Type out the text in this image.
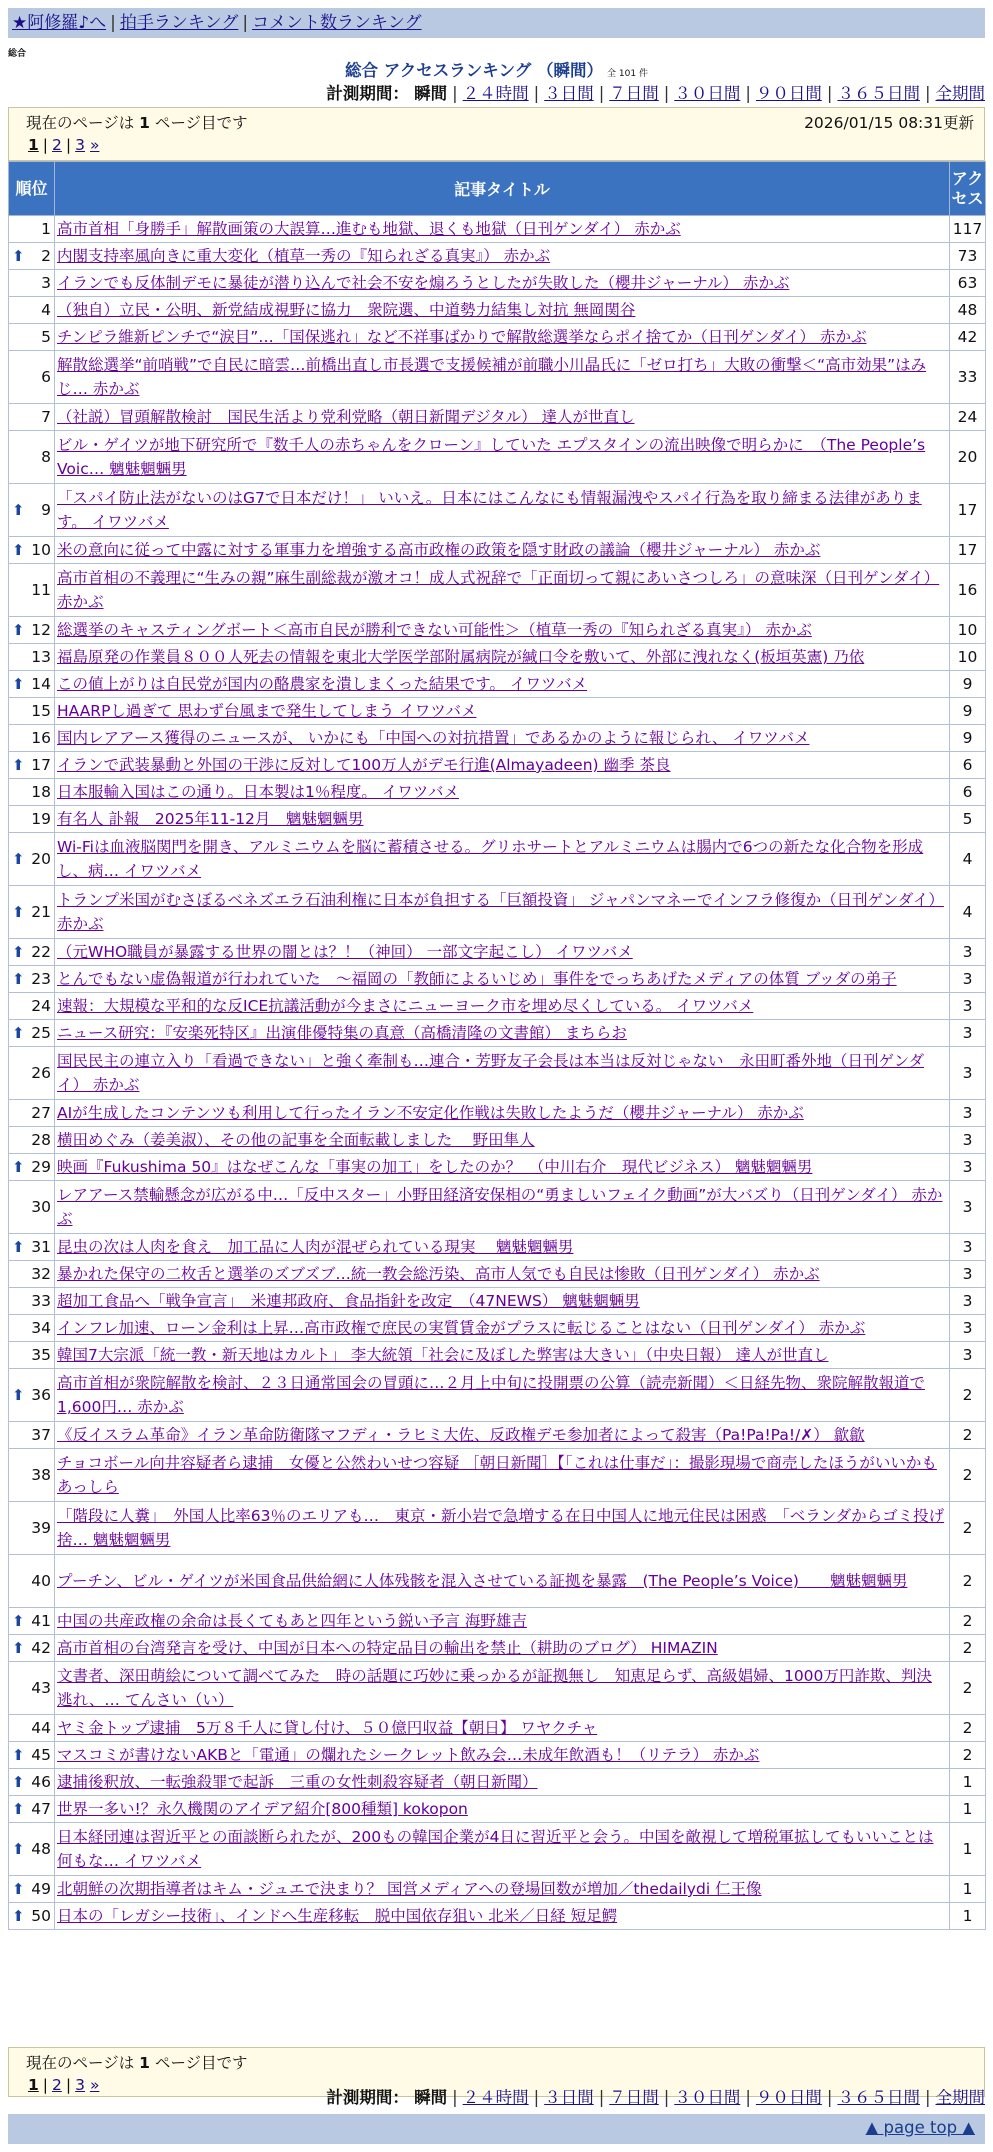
★阿修羅♪へ | 拍手ランキング | コメント数ランキング
総合
総合 アクセスランキング （瞬間） 全 101 件
計測期間： 瞬間 | ２４時間 | ３日間 | ７日間 | ３０日間 | ９０日間 | ３６５日間 | 全期間
現在のページは 1 ページ目です	2026/01/15 08:31更新
1 | 2 | 3 »
順位	記事タイトル	アクセス
1	高市首相「身勝手」解散画策の大誤算…進むも地獄、退くも地獄（日刊ゲンダイ） 赤かぶ	117

⬆ 2	内閣支持率風向きに重大変化（植草一秀の『知られざる真実』） 赤かぶ	73
3	イランでも反体制デモに暴徒が潜り込んで社会不安を煽ろうとしたが失敗した（櫻井ジャーナル） 赤かぶ	63
4	（独自）立民・公明、新党結成視野に協力　衆院選、中道勢力結集し対抗 無岡関谷	48
5	チンピラ維新ピンチで“涙目”…「国保逃れ」など不祥事ばかりで解散総選挙ならポイ捨てか（日刊ゲンダイ） 赤かぶ	42
6	解散総選挙“前哨戦”で自民に暗雲…前橋出直し市長選で支援候補が前職小川晶氏に「ゼロ打ち」大敗の衝撃＜“高市効果”はみじ… 赤かぶ	33
7	（社説）冒頭解散検討　国民生活より党利党略（朝日新聞デジタル） 達人が世直し	24
8	ビル・ゲイツが地下研究所で『数千人の赤ちゃんをクローン』していた エプスタインの流出映像で明らかに　（The People’s Voic… 魑魅魍魎男	20

⬆ 9	「スパイ防止法がないのはG7で日本だけ！」 いいえ。日本にはこんなにも情報漏洩やスパイ行為を取り締まる法律があります。 イワツバメ	17

⬆ 10	米の意向に従って中露に対する軍事力を増強する高市政権の政策を隠す財政の議論（櫻井ジャーナル） 赤かぶ	17
11	高市首相の不義理に“生みの親”麻生副総裁が激オコ！成人式祝辞で「正面切って親にあいさつしろ」の意味深（日刊ゲンダイ） 赤かぶ	16

⬆ 12	総選挙のキャスティングボート＜高市自民が勝利できない可能性＞（植草一秀の『知られざる真実』） 赤かぶ	10
13	福島原発の作業員８００人死去の情報を東北大学医学部附属病院が緘口令を敷いて、外部に洩れなく(板垣英憲) 乃依	10

⬆ 14	この値上がりは自民党が国内の酪農家を潰しまくった結果です。 イワツバメ	9
15	HAARPし過ぎて 思わず台風まで発生してしまう イワツバメ	9
16	国内レアアース獲得のニュースが、 いかにも「中国への対抗措置」であるかのように報じられ、 イワツバメ	9

⬆ 17	イランで武装暴動と外国の干渉に反対して100万人がデモ行進(Almayadeen) 幽季 茶良	6
18	日本服輸入国はこの通り。日本製は1％程度。 イワツバメ	6
19	有名人 訃報　2025年11-12月　魑魅魍魎男	5

⬆ 20	Wi-Fiは血液脳関門を開き、アルミニウムを脳に蓄積させる。グリホサートとアルミニウムは腸内で6つの新たな化合物を形成し、病… イワツバメ	4

⬆ 21	トランプ米国がむさぼるベネズエラ石油利権に日本が負担する「巨額投資」 ジャパンマネーでインフラ修復か（日刊ゲンダイ） 赤かぶ	4

⬆ 22	（元WHO職員が暴露する世界の闇とは？！（神回） 一部文字起こし） イワツバメ	3

⬆ 23	とんでもない虚偽報道が行われていた　～福岡の「教師によるいじめ」事件をでっちあげたメディアの体質 ブッダの弟子	3
24	速報：大規模な平和的な反ICE抗議活動が今まさにニューヨーク市を埋め尽くしている。 イワツバメ	3

⬆ 25	ニュース研究：『安楽死特区』出演俳優特集の真意（高橋清隆の文書館） まちらお	3
26	国民民主の連立入り「看過できない」と強く牽制も…連合・芳野友子会長は本当は反対じゃない　永田町番外地（日刊ゲンダイ） 赤かぶ	3
27	AIが生成したコンテンツも利用して行ったイラン不安定化作戦は失敗したようだ（櫻井ジャーナル） 赤かぶ	3
28	横田めぐみ（姜美淑）、その他の記事を全面転載しました　 野田隼人	3

⬆ 29	映画『Fukushima 50』はなぜこんな「事実の加工」をしたのか？　（中川右介　現代ビジネス） 魑魅魍魎男	3
30	レアアース禁輸懸念が広がる中…「反中スター」小野田経済安保相の“勇ましいフェイク動画”が大バズり（日刊ゲンダイ） 赤かぶ	3

⬆ 31	昆虫の次は人肉を食え　加工品に人肉が混ぜられている現実　 魑魅魍魎男	3
32	暴かれた保守の二枚舌と選挙のズブズブ…統一教会総汚染、高市人気でも自民は惨敗（日刊ゲンダイ） 赤かぶ	3
33	超加工食品へ「戦争宣言」　米連邦政府、食品指針を改定　（47NEWS） 魑魅魍魎男	3
34	インフレ加速、ローン金利は上昇…高市政権で庶民の実質賃金がプラスに転じることはない（日刊ゲンダイ） 赤かぶ	3
35	韓国7大宗派「統一教・新天地はカルト」 李大統領「社会に及ぼした弊害は大きい」（中央日報） 達人が世直し	3

⬆ 36	高市首相が衆院解散を検討、２３日通常国会の冒頭に…２月上中旬に投開票の公算（読売新聞）＜日経先物、衆院解散報道で1,600円… 赤かぶ	2
37	《反イスラム革命》イラン革命防衛隊マフディ・ラヒミ大佐、反政権デモ参加者によって殺害（Pa!Pa!Pa!/✗） 歙歙	2
38	チョコボール向井容疑者ら逮捕　女優と公然わいせつ容疑 ［朝日新聞］【「これは仕事だ」：撮影現場で商売したほうがいいかも あっしら	2
39	「階段に人糞」　外国人比率63％のエリアも…　東京・新小岩で急増する在日中国人に地元住民は困惑　「ベランダからゴミ投げ捨… 魑魅魍魎男	2
40	プーチン、ビル・ゲイツが米国食品供給網に人体残骸を混入させている証拠を暴露　(The People’s Voice)　　魑魅魍魎男	2

⬆ 41	中国の共産政権の余命は長くてもあと四年という鋭い予言 海野雄吉	2

⬆ 42	高市首相の台湾発言を受け、中国が日本への特定品目の輸出を禁止（耕助のブログ） HIMAZIN	2
43	文書者、深田萌絵について調べてみた　時の話題に巧妙に乗っかるが証拠無し　知恵足らず、高級娼婦、1000万円詐欺、判決逃れ、… てんさい（い）	2
44	ヤミ金トップ逮捕　5万８千人に貸し付け、５０億円収益【朝日】 ワヤクチャ	2

⬆ 45	マスコミが書けないAKBと「電通」の爛れたシークレット飲み会…未成年飲酒も！（リテラ） 赤かぶ	2

⬆ 46	逮捕後釈放、一転強殺罪で起訴　三重の女性刺殺容疑者（朝日新聞）	1

⬆ 47	世界一多い!？永久機関のアイデア紹介[800種類] kokopon	1

⬆ 48	日本経団連は習近平との面談断られたが、200もの韓国企業が4日に習近平と会う。中国を敵視して増税軍拡してもいいことは何もな… イワツバメ	1

⬆ 49	北朝鮮の次期指導者はキム・ジュエで決まり？ 国営メディアへの登場回数が増加／thedailydi 仁王像	1

⬆ 50	日本の「レガシー技術」、インドへ生産移転　脱中国依存狙い 北米／日経 短足鰐	1
現在のページは 1 ページ目です
1 | 2 | 3 »
計測期間： 瞬間 | ２４時間 | ３日間 | ７日間 | ３０日間 | ９０日間 | ３６５日間 | 全期間
▲ page top ▲
